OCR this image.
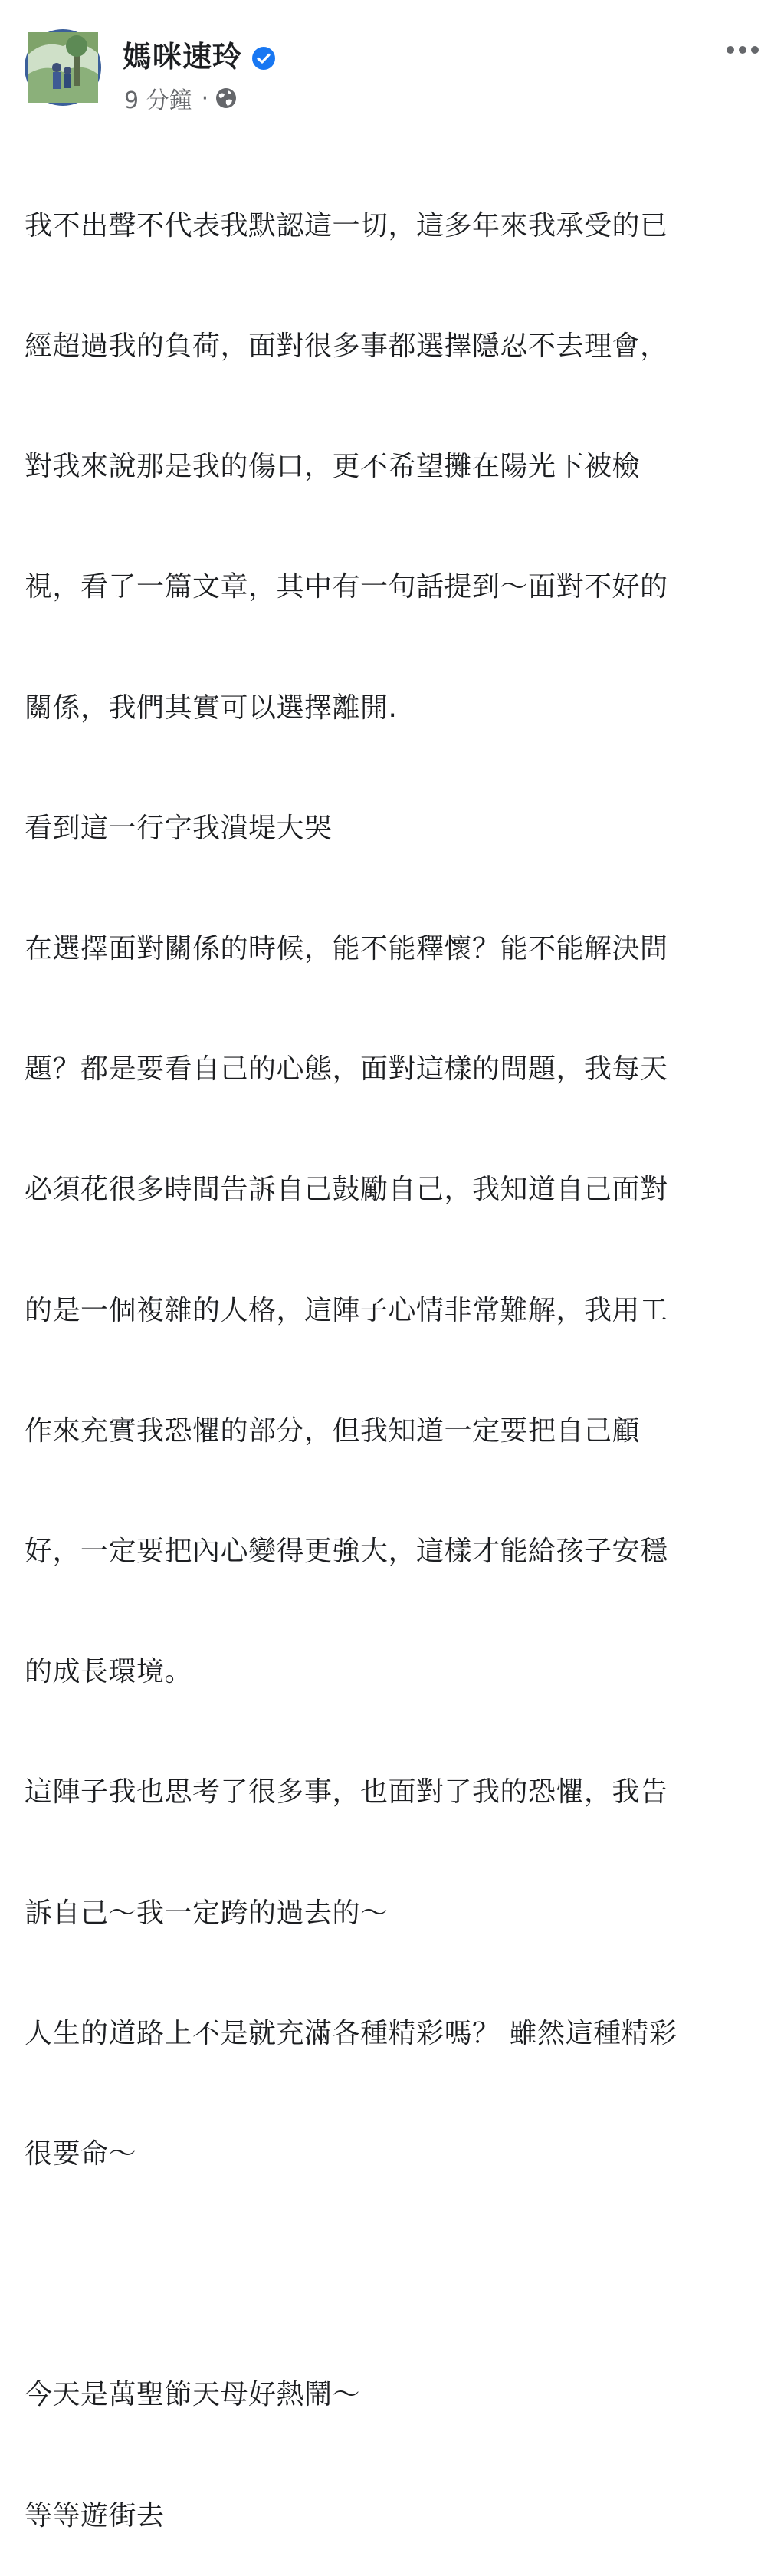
媽咪速玲
9 分鐘 ·

我不出聲不代表我默認這一切，這多年來我承受的已

經超過我的負荷，面對很多事都選擇隱忍不去理會，

對我來說那是我的傷口，更不希望攤在陽光下被檢

視，看了一篇文章，其中有一句話提到～面對不好的

關係，我們其實可以選擇離開.

看到這一行字我潰堤大哭

在選擇面對關係的時候，能不能釋懷？能不能解決問

題？都是要看自己的心態，面對這樣的問題，我每天

必須花很多時間告訴自己鼓勵自己，我知道自己面對

的是一個複雜的人格，這陣子心情非常難解，我用工

作來充實我恐懼的部分，但我知道一定要把自己顧

好，一定要把內心變得更強大，這樣才能給孩子安穩

的成長環境。

這陣子我也思考了很多事，也面對了我的恐懼，我告

訴自己～我一定跨的過去的～

人生的道路上不是就充滿各種精彩嗎？ 雖然這種精彩

很要命～

今天是萬聖節天母好熱鬧～

等等遊街去
